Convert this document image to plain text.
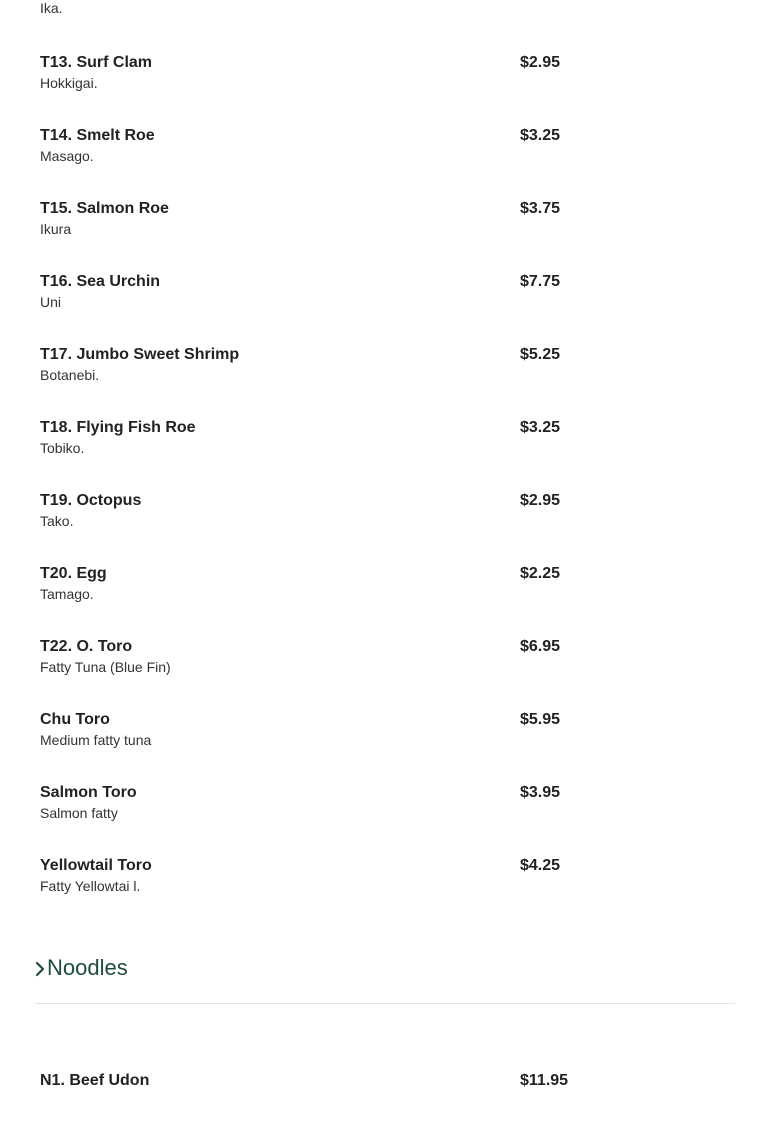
Ika.
T13. Surf Clam
Hokkigai.
$2.95
T14. Smelt Roe
Masago.
$3.25
T15. Salmon Roe
Ikura
$3.75
T16. Sea Urchin
Uni
$7.75
T17. Jumbo Sweet Shrimp
Botanebi.
$5.25
T18. Flying Fish Roe
Tobiko.
$3.25
T19. Octopus
Tako.
$2.95
T20. Egg
Tamago.
$2.25
T22. O. Toro
Fatty Tuna (Blue Fin)
$6.95
Chu Toro
Medium fatty tuna
$5.95
Salmon Toro
Salmon fatty
$3.95
Yellowtail Toro
Fatty Yellowtai l.
$4.25
Noodles
N1. Beef Udon	$11.95
